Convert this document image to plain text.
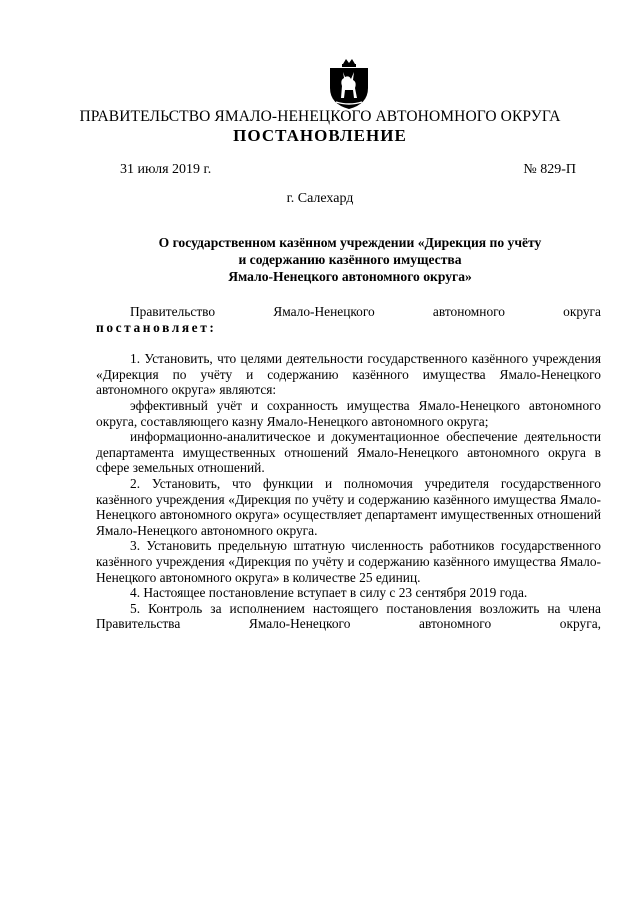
ПРАВИТЕЛЬСТВО ЯМАЛО-НЕНЕЦКОГО АВТОНОМНОГО ОКРУГА
ПОСТАНОВЛЕНИЕ
31 июля 2019 г.	№ 829-П
г. Салехард
О государственном казённом учреждении «Дирекция по учёту
и содержанию казённого имущества
Ямало-Ненецкого автономного округа»

Правительство Ямало-Ненецкого автономного округа

постановляет:

1. Установить, что целями деятельности государственного казённого учреждения «Дирекция по учёту и содержанию казённого имущества Ямало-Ненецкого автономного округа» являются:

эффективный учёт и сохранность имущества Ямало-Ненецкого автономного округа, составляющего казну Ямало-Ненецкого автономного округа;

информационно-аналитическое и документационное обеспечение деятельности департамента имущественных отношений Ямало-Ненецкого автономного округа в сфере земельных отношений.

2. Установить, что функции и полномочия учредителя государственного казённого учреждения «Дирекция по учёту и содержанию казённого имущества Ямало-Ненецкого автономного округа» осуществляет департамент имущественных отношений Ямало-Ненецкого автономного округа.

3. Установить предельную штатную численность работников государственного казённого учреждения «Дирекция по учёту и содержанию казённого имущества Ямало-Ненецкого автономного округа» в количестве 25 единиц.

4. Настоящее постановление вступает в силу с 23 сентября 2019 года.

5. Контроль за исполнением настоящего постановления возложить на члена Правительства Ямало-Ненецкого автономного округа,
